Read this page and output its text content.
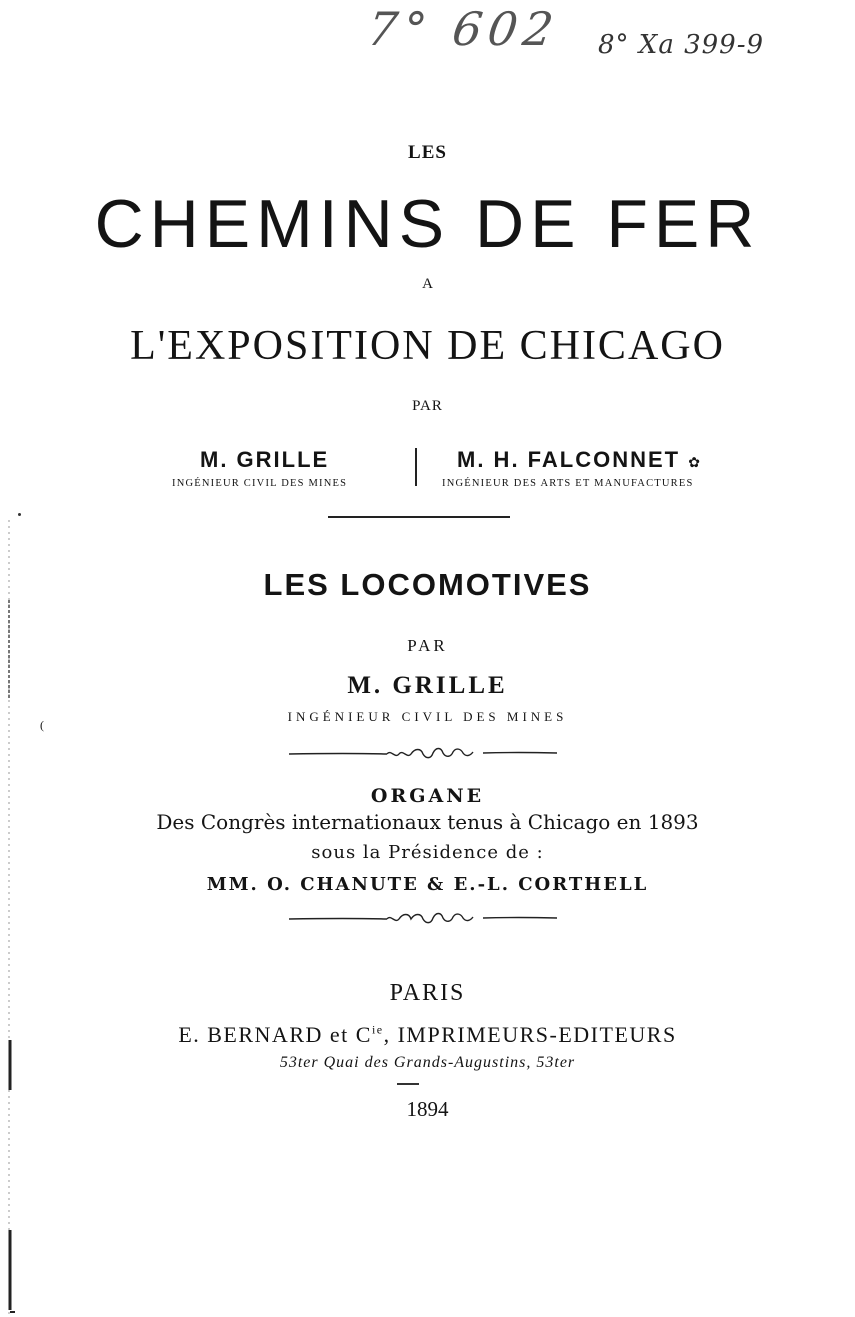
7° 602 8° Xa 399-9
(
LES
CHEMINS DE FER
A
L'EXPOSITION DE CHICAGO
PAR
M. GRILLE
INGÉNIEUR CIVIL DES MINES
M. H. FALCONNET ✿
INGÉNIEUR DES ARTS ET MANUFACTURES
LES LOCOMOTIVES
PAR
M. GRILLE
INGÉNIEUR CIVIL DES MINES
ORGANE
Des Congrès internationaux tenus à Chicago en 1893
sous la Présidence de :
MM. O. CHANUTE & E.-L. CORTHELL
PARIS
E. BERNARD et $C^{ie}$, IMPRIMEURS-EDITEURS
53ter Quai des Grands-Augustins, 53ter
1894
